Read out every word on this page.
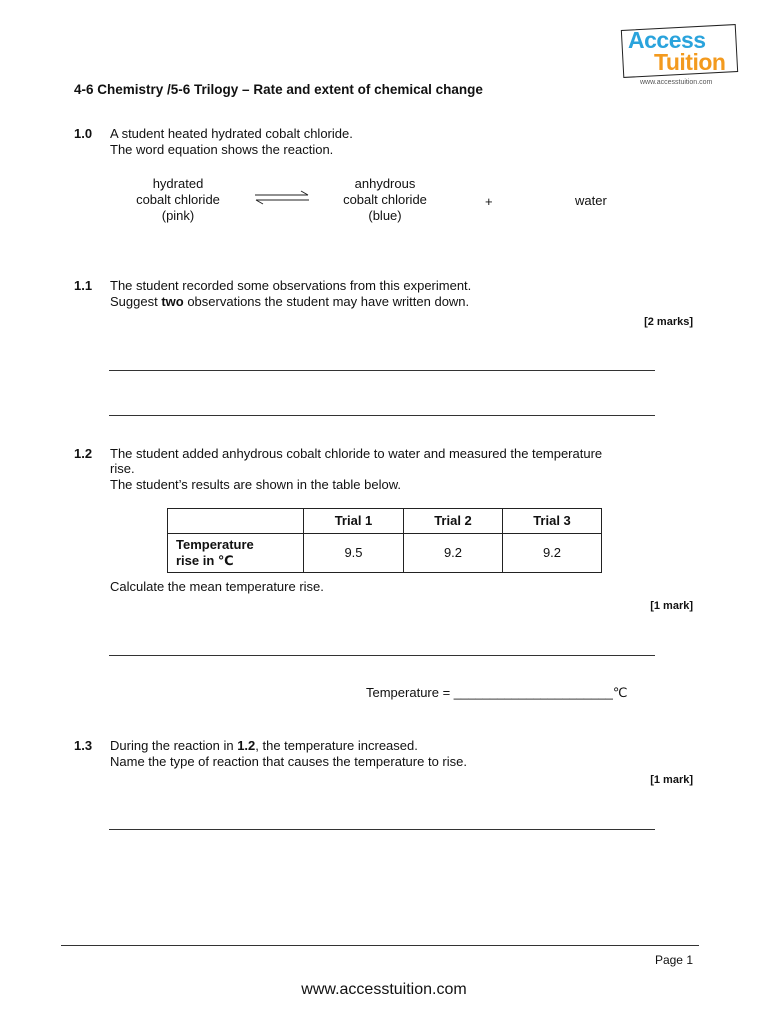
Access
Tuition
www.accesstuition.com
4-6 Chemistry /5-6 Trilogy – Rate and extent of chemical change
1.0 A student heated hydrated cobalt chloride.
The word equation shows the reaction.
hydrated
cobalt chloride
(pink)
anhydrous
cobalt chloride
(blue)
+	water
1.1 The student recorded some observations from this experiment.
Suggest two observations the student may have written down.
[2 marks]
1.2 The student added anhydrous cobalt chloride to water and measured the temperature
rise.
The student’s results are shown in the table below.
	Trial 1	Trial 2	Trial 3

Temperature
rise in ℃	9.5	9.2	9.2
Calculate the mean temperature rise.
[1 mark]
Temperature = ______________________℃
1.3 During the reaction in 1.2, the temperature increased.
Name the type of reaction that causes the temperature to rise.
[1 mark]
Page 1
www.accesstuition.com
